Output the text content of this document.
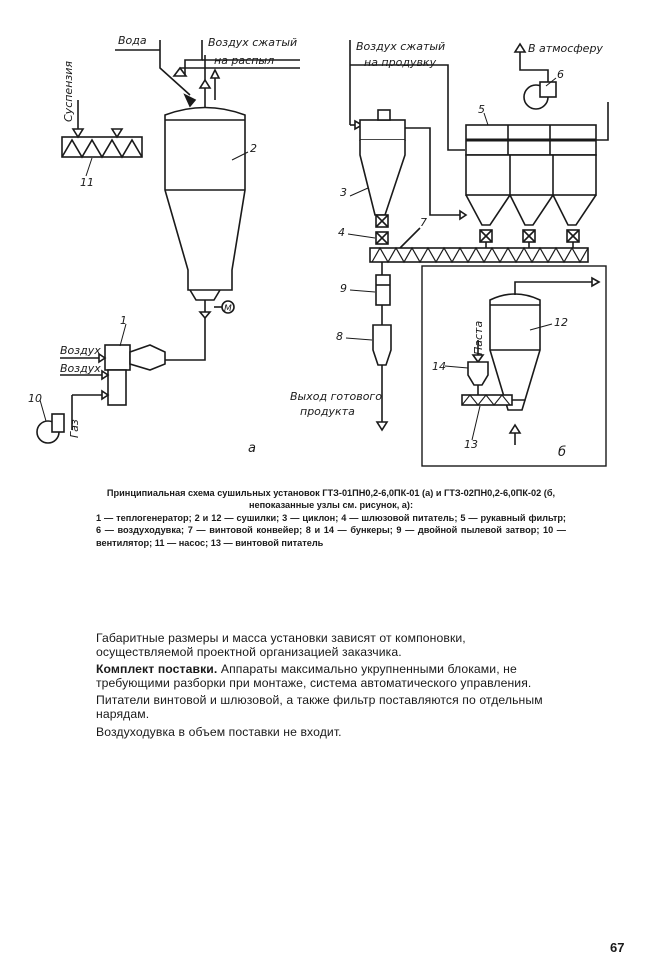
Вода	Воздух сжатый
на распыл
Воздух сжатый
на продувку
В атмосферу
Суспензия
Воздух
Воздух
Газ
Выход готового
продукта
Паста
а	б
М
1
2
3
4
5
6
7
8
9
10
11
12
13
14
Принципиальная схема сушильных установок ГТЗ-01ПН0,2-6,0ПК-01 (а) и ГТЗ-02ПН0,2-6,0ПК-02 (б, непоказанные узлы см. рисунок, а):
1 — теплогенератор; 2 и 12 — сушилки; 3 — циклон; 4 — шлюзовой питатель; 5 — рукавный фильтр; 6 — воздуходувка; 7 — винтовой конвейер; 8 и 14 — бункеры; 9 — двойной пылевой затвор; 10 — вентилятор; 11 — насос; 13 — винтовой питатель

Габаритные размеры и масса установки зависят от компоновки, осуществляемой проектной организацией заказчика.

Комплект поставки. Аппараты максимально укрупненными блоками, не требующими разборки при монтаже, система автоматического управления.

Питатели винтовой и шлюзовой, а также фильтр поставляются по отдельным нарядам.

Воздуходувка в объем поставки не входит.

67
